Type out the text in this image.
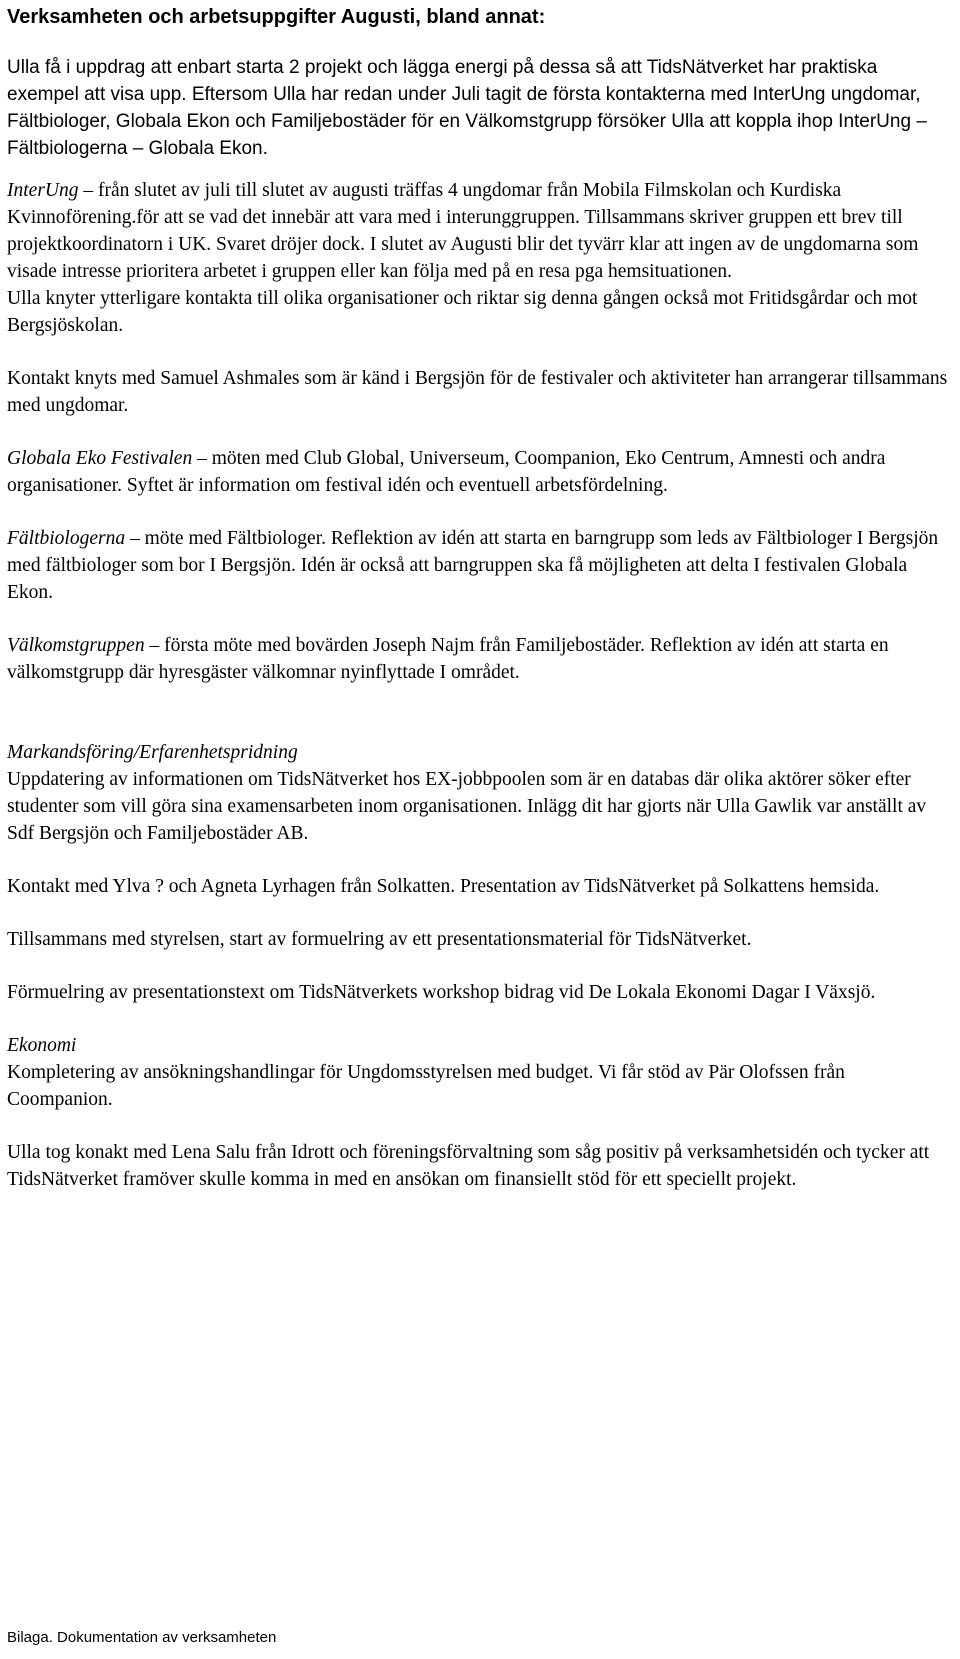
Verksamheten och arbetsuppgifter Augusti, bland annat:

Ulla få i uppdrag att enbart starta 2 projekt och lägga energi på dessa så att TidsNätverket har praktiska exempel att visa upp. Eftersom Ulla har redan under Juli tagit de första kontakterna med InterUng ungdomar, Fältbiologer, Globala Ekon och Familjebostäder för en Välkomstgrupp försöker Ulla att koppla ihop InterUng – Fältbiologerna – Globala Ekon.

InterUng – från slutet av juli till slutet av augusti träffas 4 ungdomar från Mobila Filmskolan och Kurdiska Kvinnoförening.för att se vad det innebär att vara med i interunggruppen. Tillsammans skriver gruppen ett brev till projektkoordinatorn i UK. Svaret dröjer dock. I slutet av Augusti blir det tyvärr klar att ingen av de ungdomarna som visade intresse prioritera arbetet i gruppen eller kan följa med på en resa pga hemsituationen.

Ulla knyter ytterligare kontakta till olika organisationer och riktar sig denna gången också mot Fritidsgårdar och mot Bergsjöskolan.

Kontakt knyts med Samuel Ashmales som är känd i Bergsjön för de festivaler och aktiviteter han arrangerar tillsammans med ungdomar.

Globala Eko Festivalen – möten med Club Global, Universeum, Coompanion, Eko Centrum, Amnesti och andra organisationer. Syftet är information om festival idén och eventuell arbetsfördelning.

Fältbiologerna – möte med Fältbiologer. Reflektion av idén att starta en barngrupp som leds av Fältbiologer I Bergsjön med fältbiologer som bor I Bergsjön. Idén är också att barngruppen ska få möjligheten att delta I festivalen Globala Ekon.

Välkomstgruppen – första möte med bovärden Joseph Najm från Familjebostäder. Reflektion av idén att starta en välkomstgrupp där hyresgäster välkomnar nyinflyttade I området.

Markandsföring/Erfarenhetspridning

Uppdatering av informationen om TidsNätverket hos EX-jobbpoolen som är en databas där olika aktörer söker efter studenter som vill göra sina examensarbeten inom organisationen. Inlägg dit har gjorts när Ulla Gawlik var anställt av Sdf Bergsjön och Familjebostäder AB.

Kontakt med Ylva ? och Agneta Lyrhagen från Solkatten. Presentation av TidsNätverket på Solkattens hemsida.

Tillsammans med styrelsen, start av formuelring av ett presentationsmaterial för TidsNätverket.

Förmuelring av presentationstext om TidsNätverkets workshop bidrag vid De Lokala Ekonomi Dagar I Växsjö.

Ekonomi

Kompletering av ansökningshandlingar för Ungdomsstyrelsen med budget. Vi får stöd av Pär Olofssen från Coompanion.

Ulla tog konakt med Lena Salu från Idrott och föreningsförvaltning som såg positiv på verksamhetsidén och tycker att TidsNätverket framöver skulle komma in med en ansökan om finansiellt stöd för ett speciellt projekt.

Bilaga. Dokumentation av verksamheten
